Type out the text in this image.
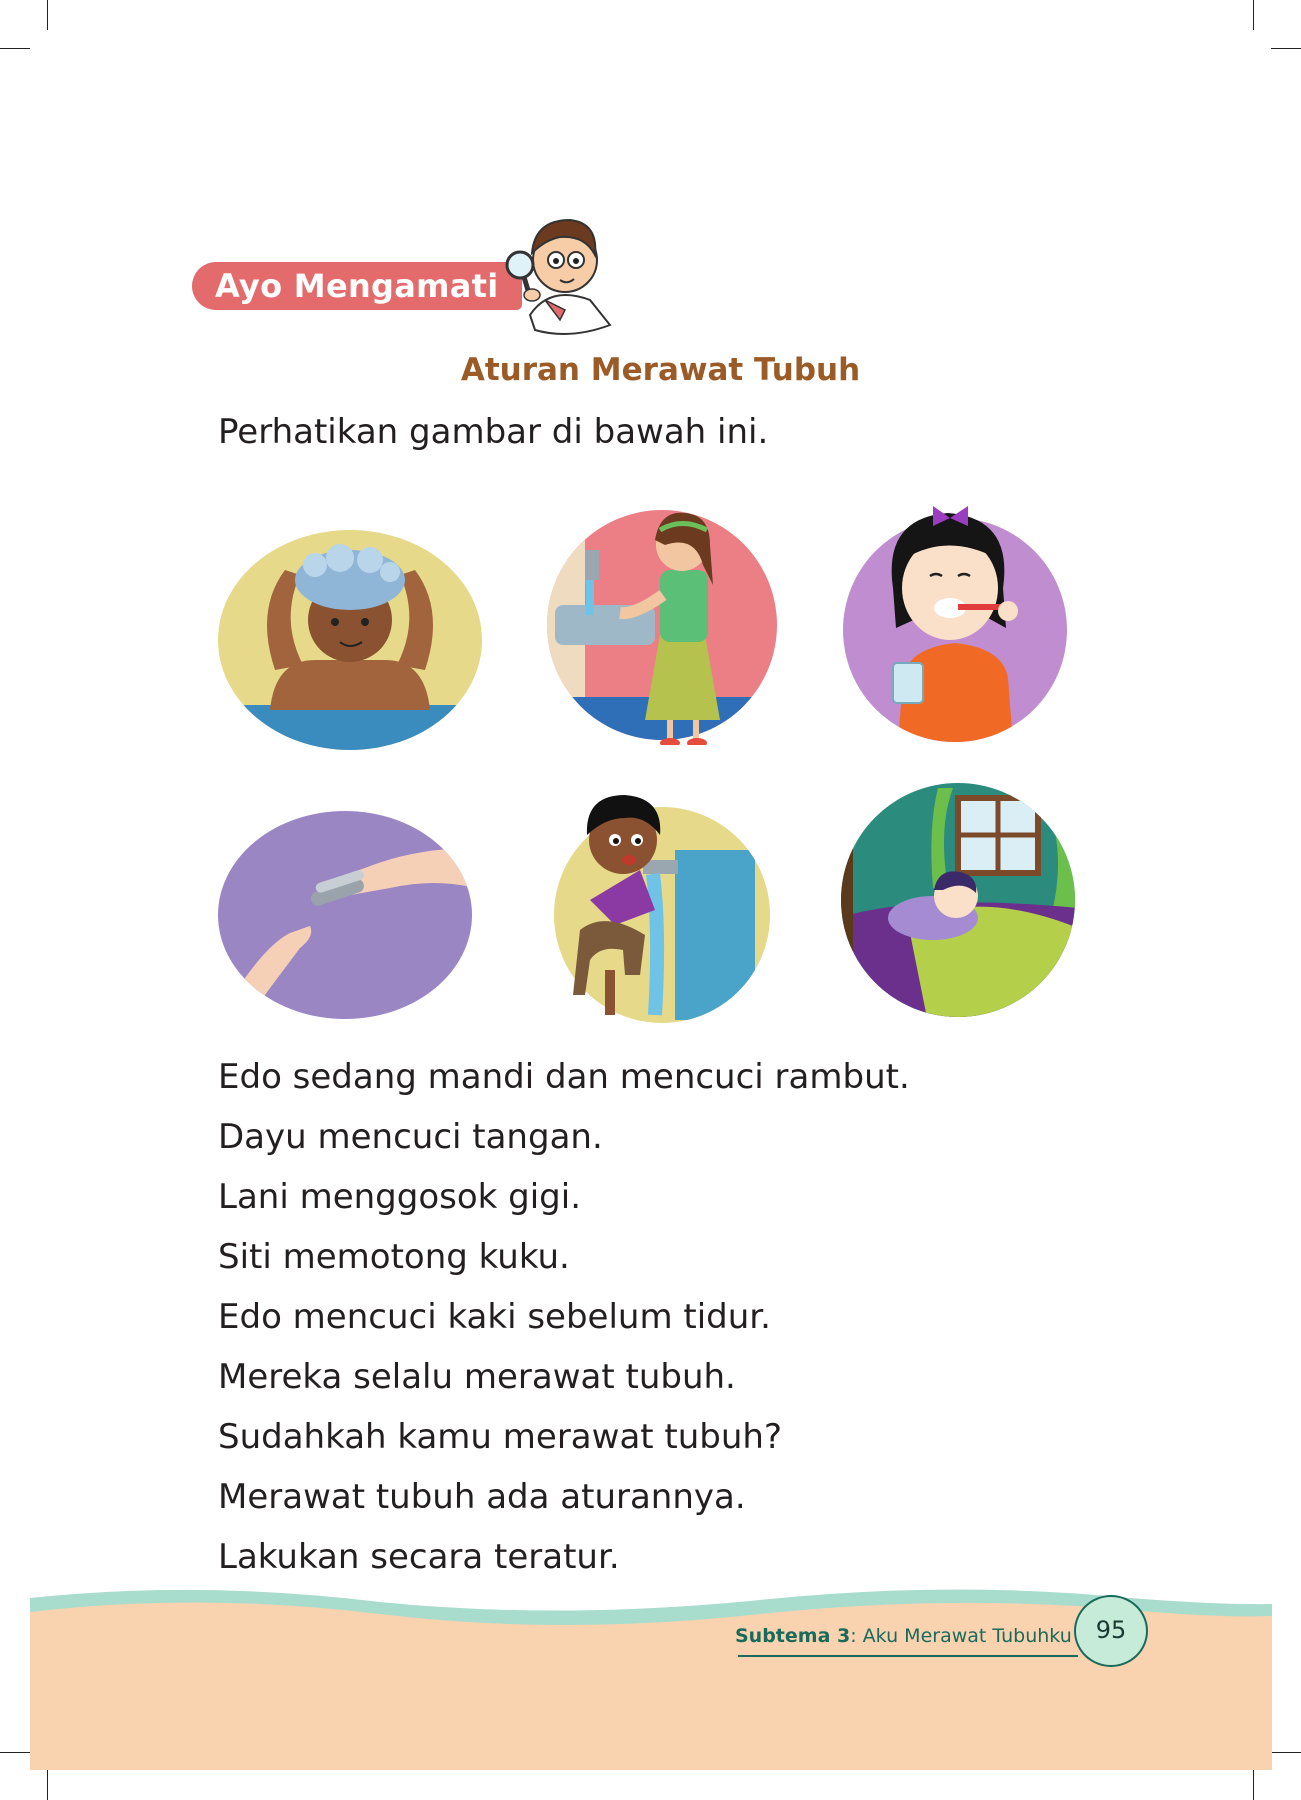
Ayo Mengamati
Aturan Merawat Tubuh
Perhatikan gambar di bawah ini.
Edo sedang mandi dan mencuci rambut.
Dayu mencuci tangan.
Lani menggosok gigi.
Siti memotong kuku.
Edo mencuci kaki sebelum tidur.
Mereka selalu merawat tubuh.
Sudahkah kamu merawat tubuh?
Merawat tubuh ada aturannya.
Lakukan secara teratur.
Subtema 3: Aku Merawat Tubuhku 95
